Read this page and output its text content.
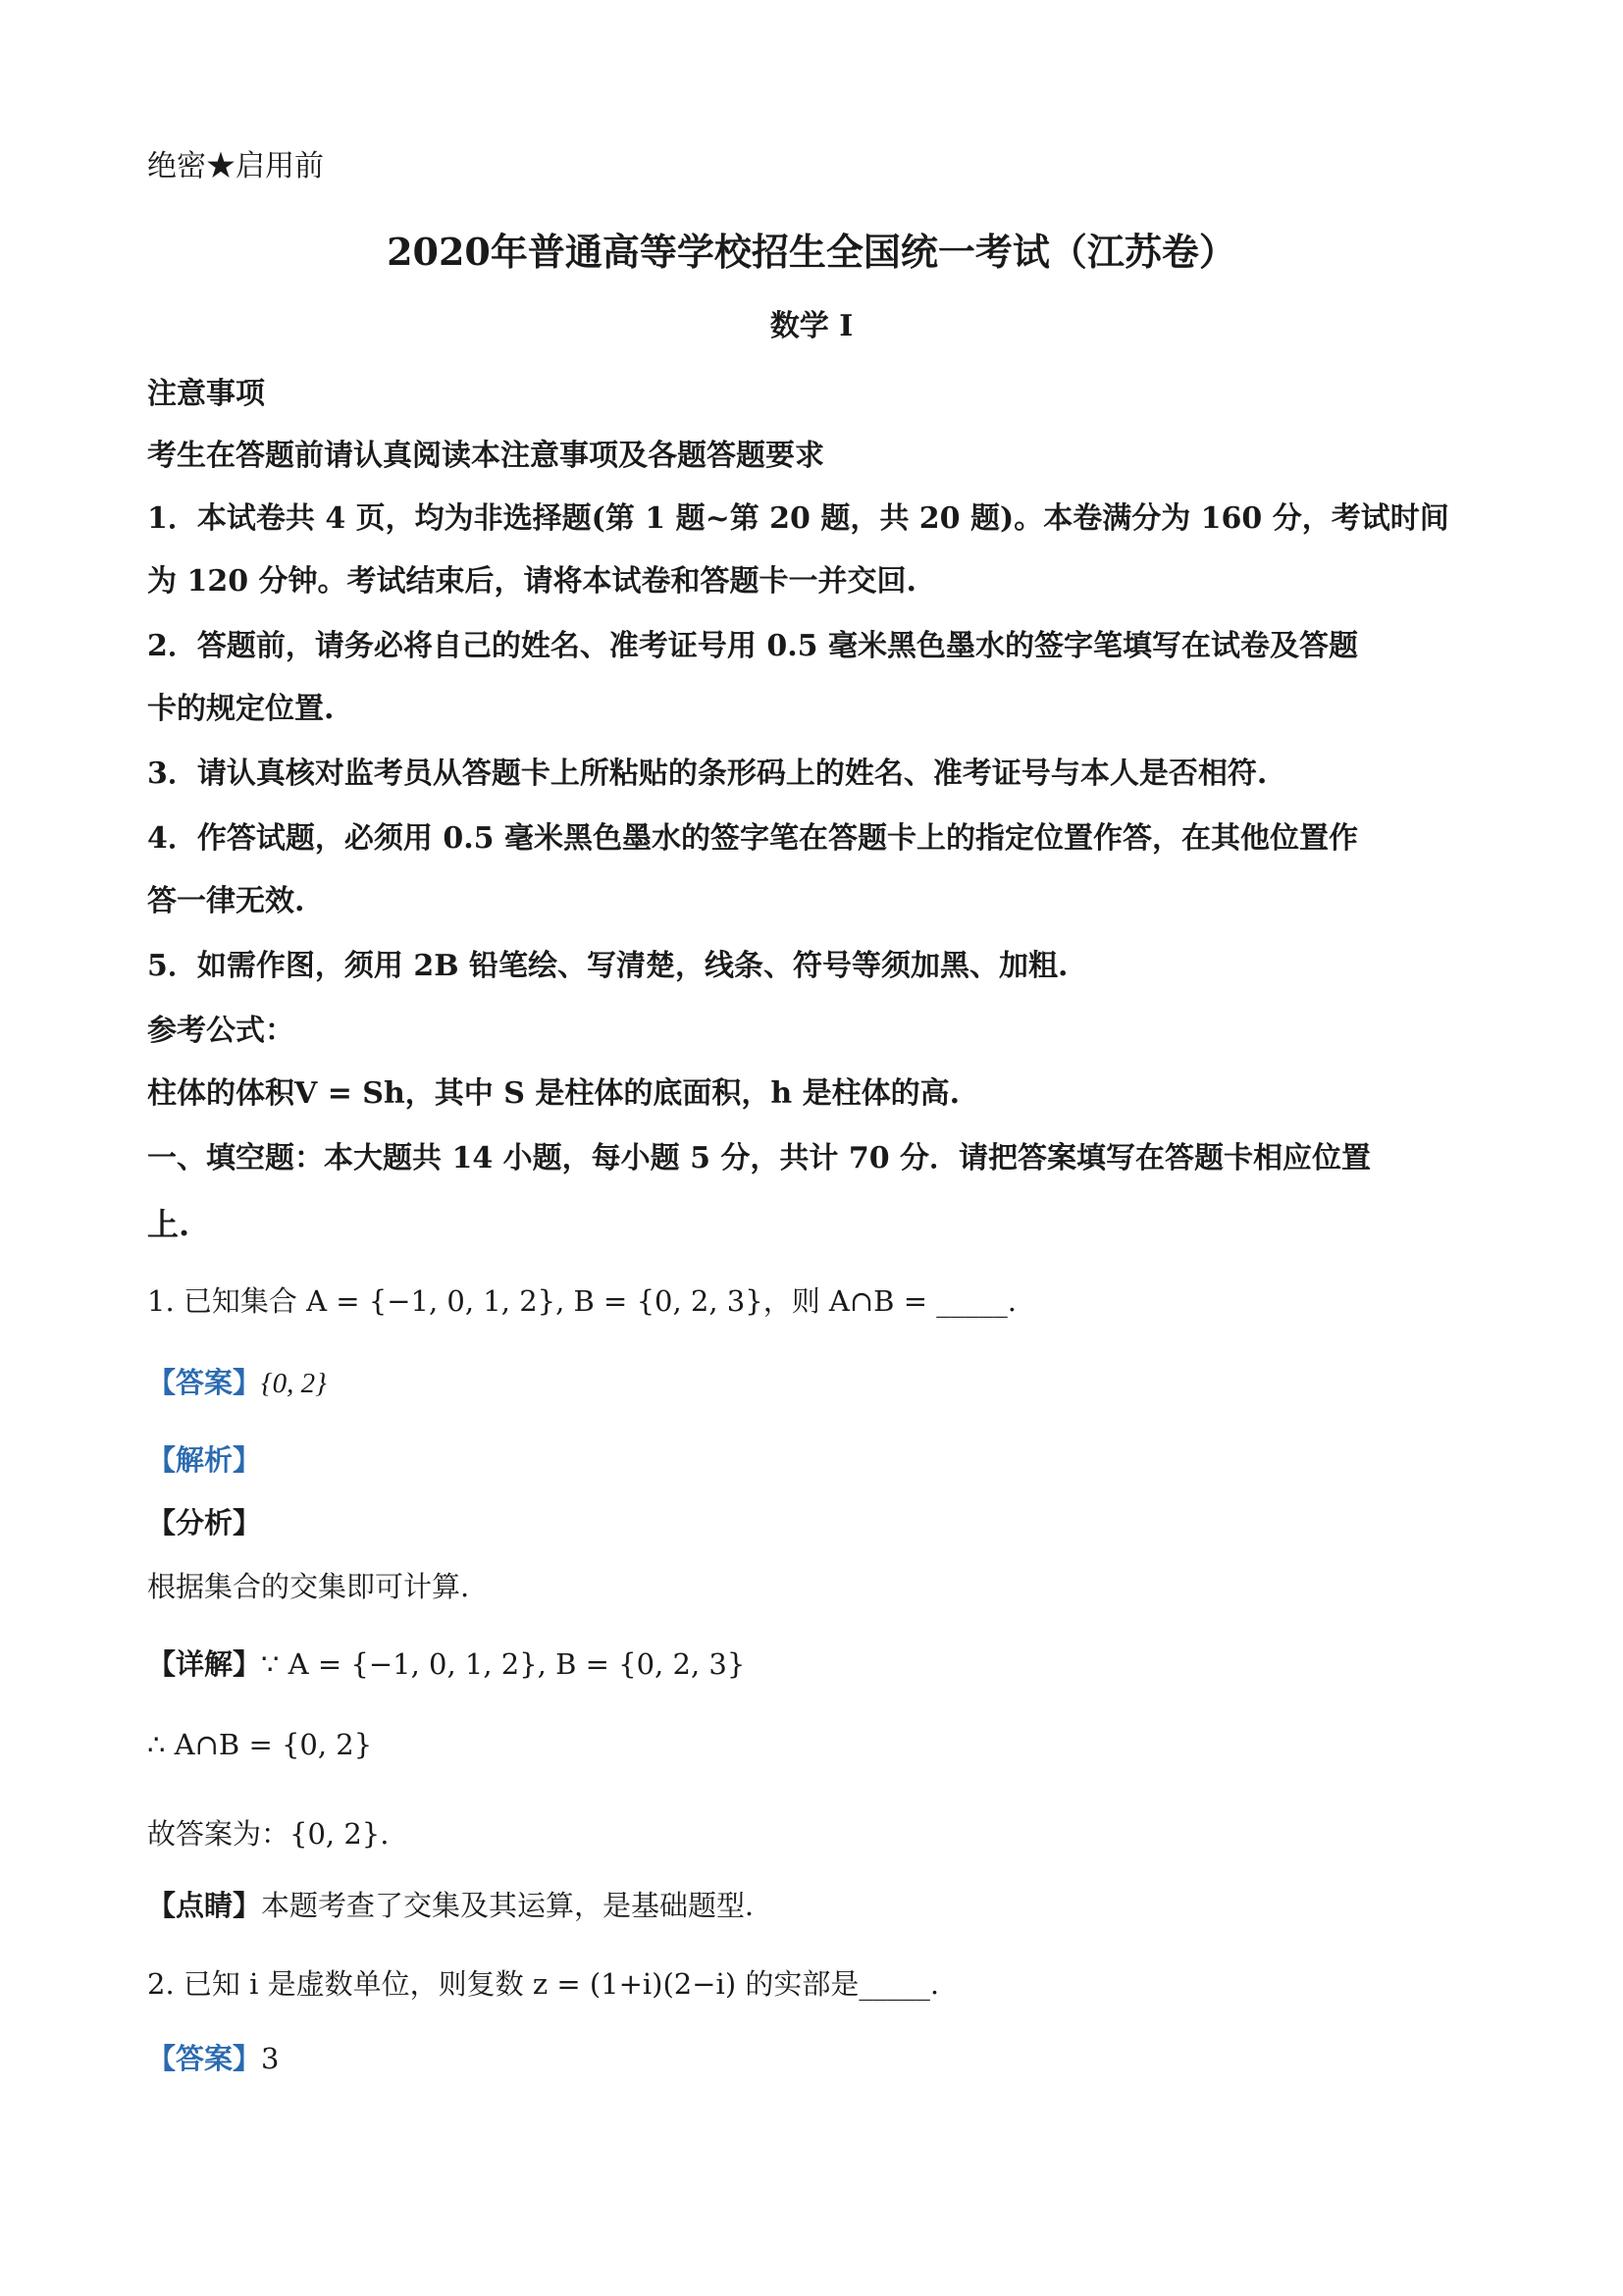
绝密★启用前
2020年普通高等学校招生全国统一考试（江苏卷）
数学 I
注意事项
考生在答题前请认真阅读本注意事项及各题答题要求
1．本试卷共 4 页，均为非选择题(第 1 题~第 20 题，共 20 题)。本卷满分为 160 分，考试时间
为 120 分钟。考试结束后，请将本试卷和答题卡一并交回.
2．答题前，请务必将自己的姓名、准考证号用 0.5 毫米黑色墨水的签字笔填写在试卷及答题
卡的规定位置.
3．请认真核对监考员从答题卡上所粘贴的条形码上的姓名、准考证号与本人是否相符.
4．作答试题，必须用 0.5 毫米黑色墨水的签字笔在答题卡上的指定位置作答，在其他位置作
答一律无效.
5．如需作图，须用 2B 铅笔绘、写清楚，线条、符号等须加黑、加粗.
参考公式：
柱体的体积V = Sh，其中 S 是柱体的底面积，h 是柱体的高.
一、填空题：本大题共 14 小题，每小题 5 分，共计 70 分．请把答案填写在答题卡相应位置
上.
1. 已知集合 A = {−1, 0, 1, 2}, B = {0, 2, 3}，则 A∩B = _____.
【答案】{0, 2}
【解析】
【分析】
根据集合的交集即可计算.
【详解】∵ A = {−1, 0, 1, 2}, B = {0, 2, 3}
∴ A∩B = {0, 2}
故答案为：{0, 2}.
【点睛】本题考查了交集及其运算，是基础题型．
2. 已知 i 是虚数单位，则复数 z = (1+i)(2−i) 的实部是_____.
【答案】3
